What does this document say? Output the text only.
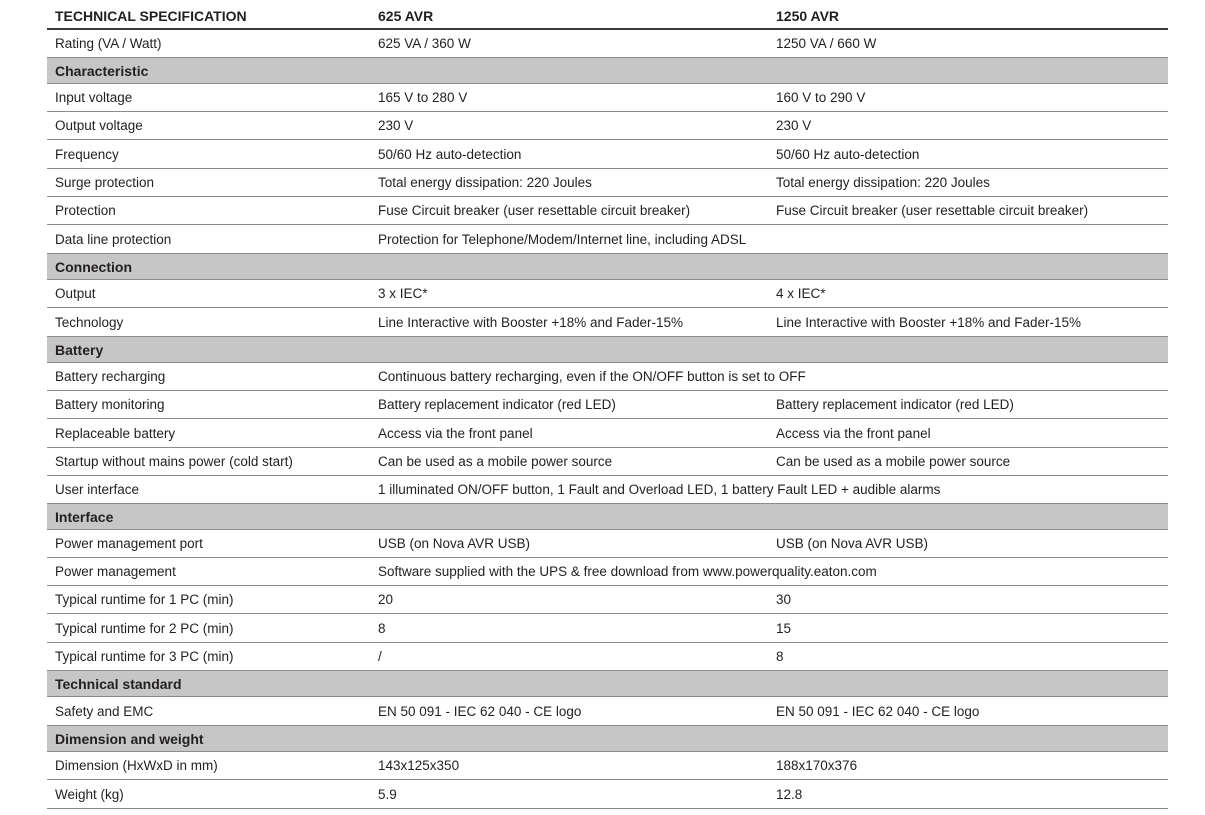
TECHNICAL SPECIFICATION	625 AVR	1250 AVR
Rating (VA / Watt)	625 VA / 360 W	1250 VA / 660 W
Characteristic
Input voltage	165 V to 280 V	160 V to 290 V
Output voltage	230 V	230 V
Frequency	50/60 Hz auto-detection	50/60 Hz auto-detection
Surge protection	Total energy dissipation: 220 Joules	Total energy dissipation: 220 Joules
Protection	Fuse Circuit breaker (user resettable circuit breaker)	Fuse Circuit breaker (user resettable circuit breaker)
Data line protection	Protection for Telephone/Modem/Internet line, including ADSL
Connection
Output	3 x IEC*	4 x IEC*
Technology	Line Interactive with Booster +18% and Fader-15%	Line Interactive with Booster +18% and Fader-15%
Battery
Battery recharging	Continuous battery recharging, even if the ON/OFF button is set to OFF
Battery monitoring	Battery replacement indicator (red LED)	Battery replacement indicator (red LED)
Replaceable battery	Access via the front panel	Access via the front panel
Startup without mains power (cold start)	Can be used as a mobile power source	Can be used as a mobile power source
User interface	1 illuminated ON/OFF button, 1 Fault and Overload LED, 1 battery Fault LED + audible alarms
Interface
Power management port	USB (on Nova AVR USB)	USB (on Nova AVR USB)
Power management	Software supplied with the UPS & free download from www.powerquality.eaton.com
Typical runtime for 1 PC (min)	20	30
Typical runtime for 2 PC (min)	8	15
Typical runtime for 3 PC (min)	/	8
Technical standard
Safety and EMC	EN 50 091 - IEC 62 040 - CE logo	EN 50 091 - IEC 62 040 - CE logo
Dimension and weight
Dimension (HxWxD in mm)	143x125x350	188x170x376
Weight (kg)	5.9	12.8
